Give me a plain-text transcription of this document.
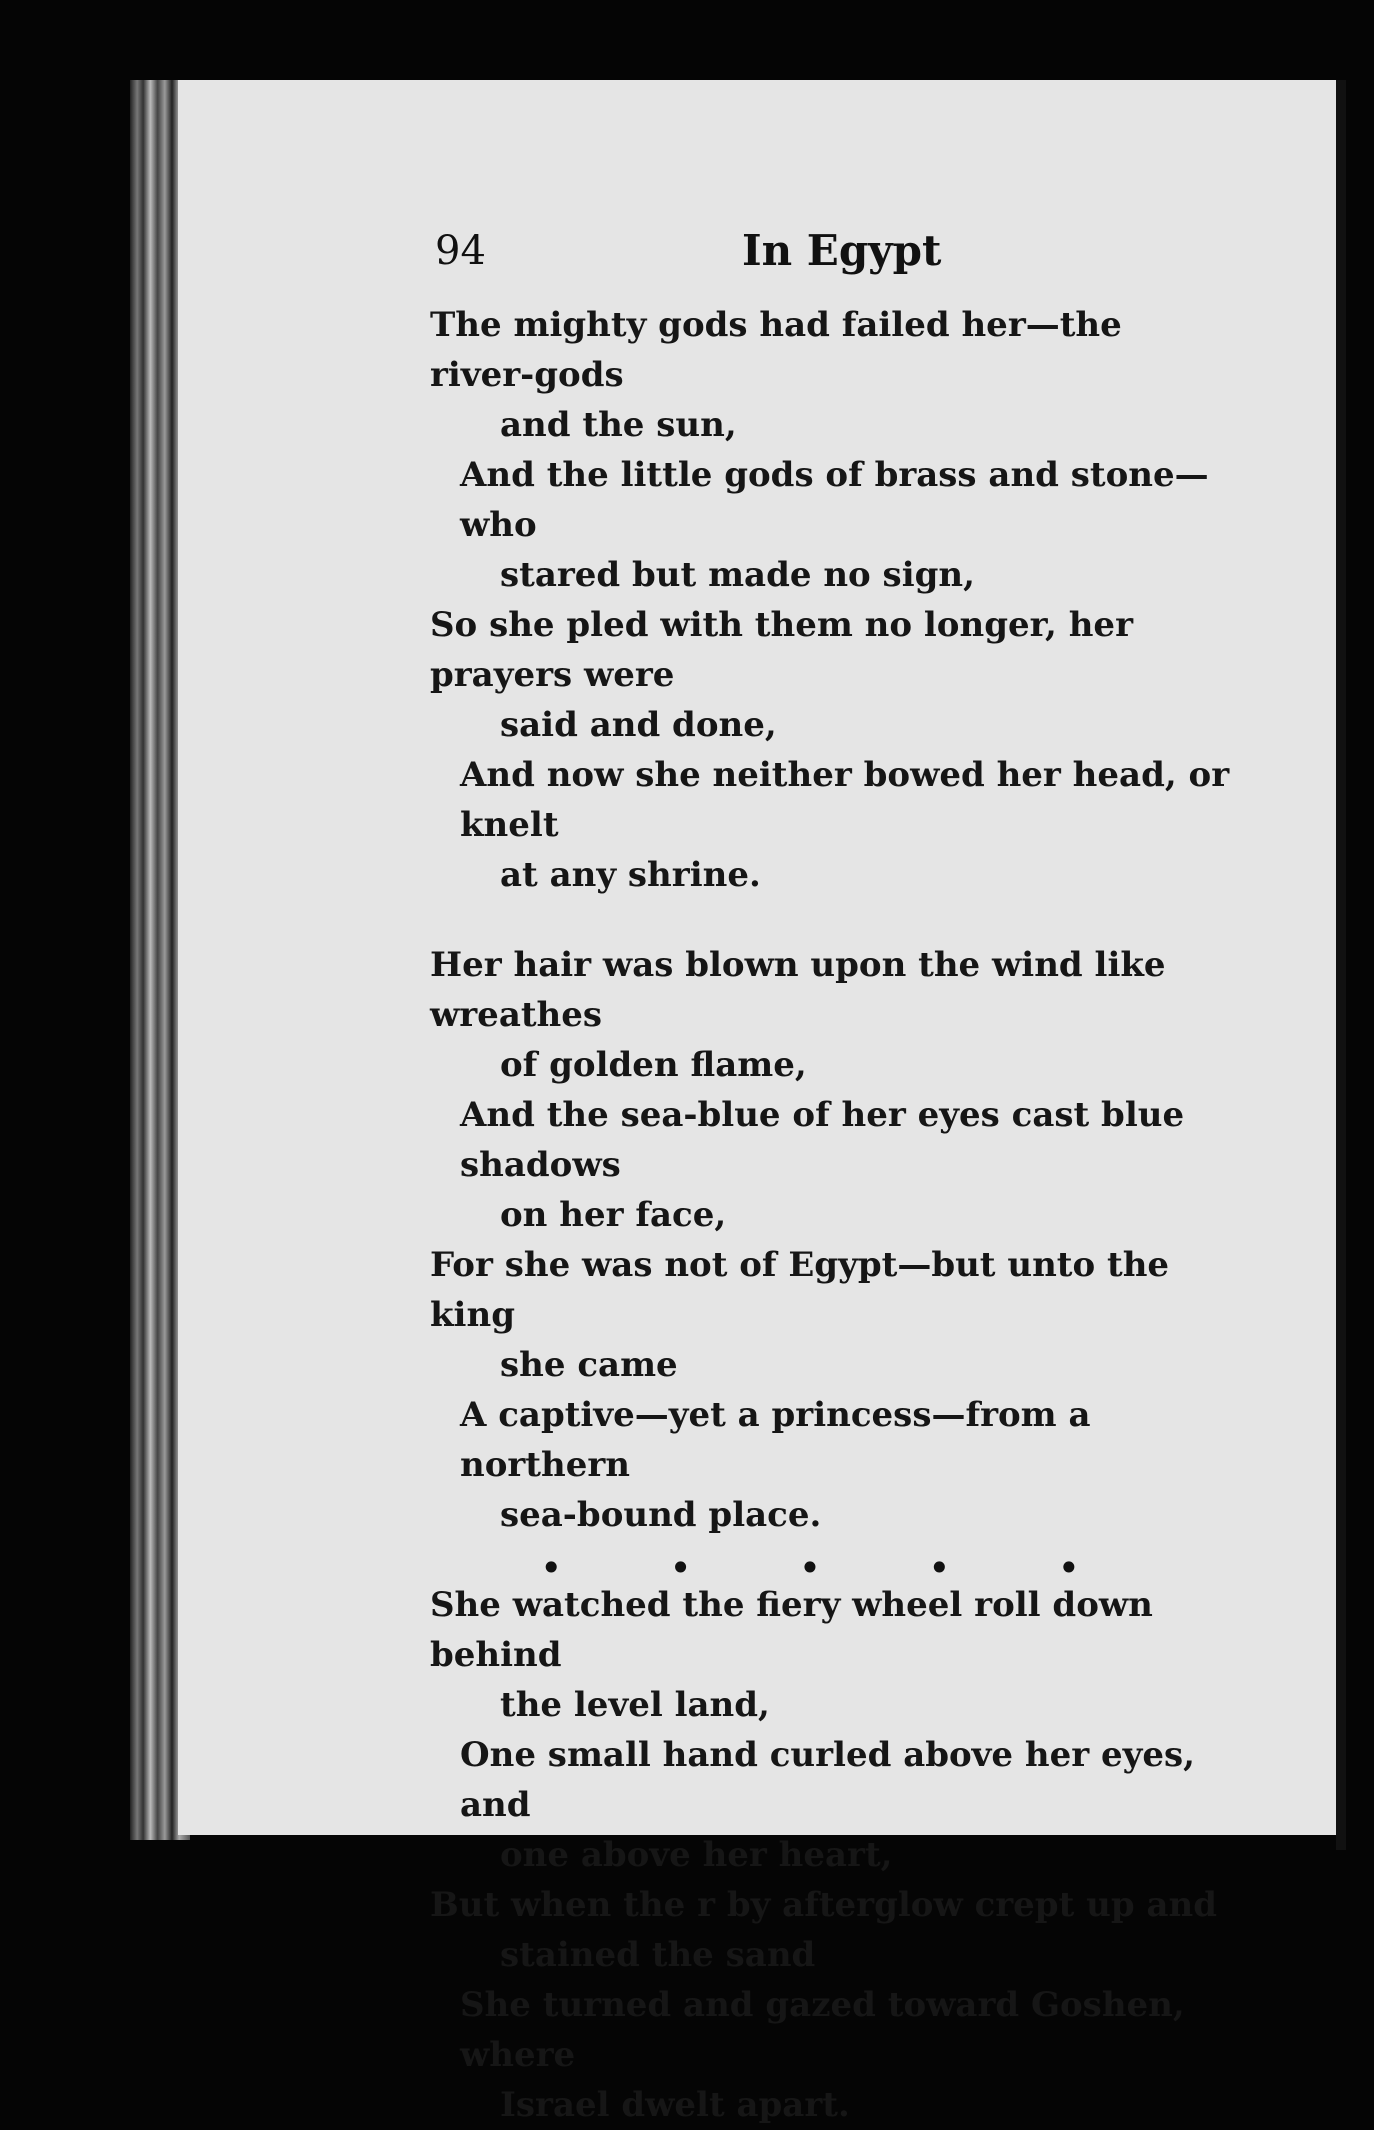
94	In Egypt
The mighty gods had failed her—the river-gods
and the sun,
And the little gods of brass and stone—who
stared but made no sign,
So she pled with them no longer, her prayers were
said and done,
And now she neither bowed her head, or knelt
at any shrine.
Her hair was blown upon the wind like wreathes
of golden flame,
And the sea-blue of her eyes cast blue shadows
on her face,
For she was not of Egypt—but unto the king
she came
A captive—yet a princess—from a northern
sea-bound place.
She watched the fiery wheel roll down behind
the level land,
One small hand curled above her eyes, and
one above her heart,
But when the r by afterglow crept up and
stained the sand
She turned and gazed toward Goshen, where
Israel dwelt apart.
•	•	•	•	•
